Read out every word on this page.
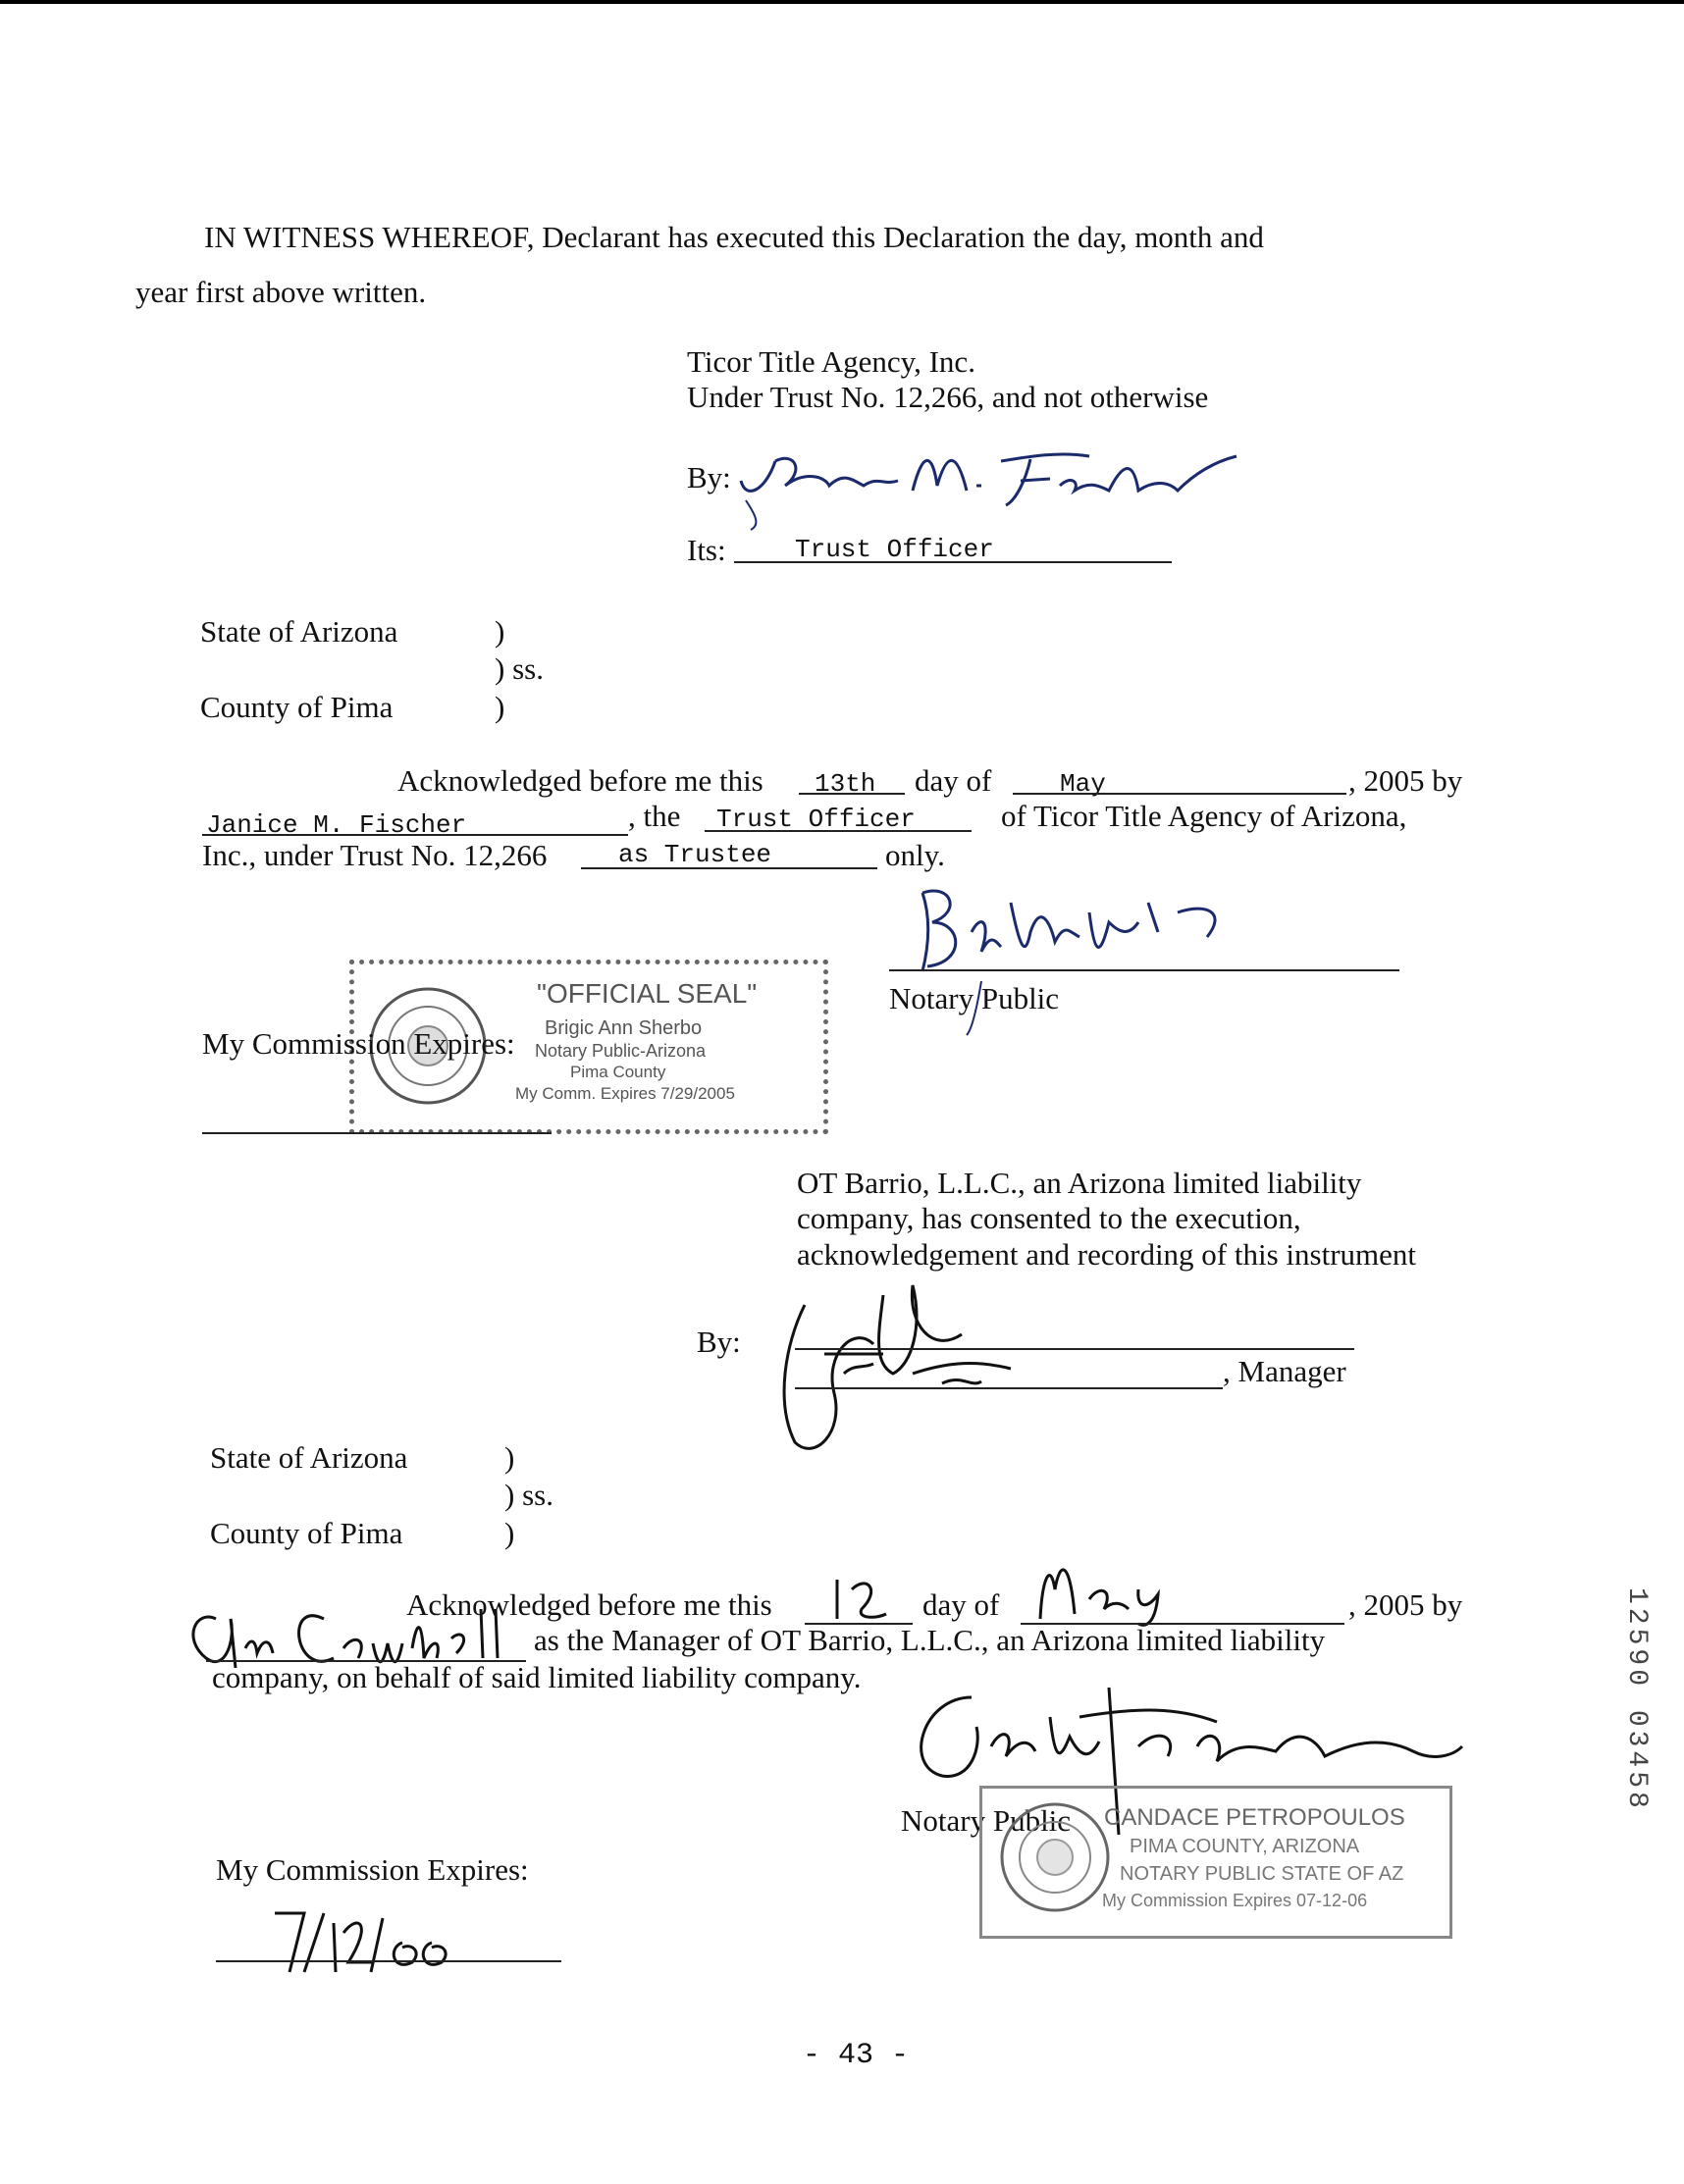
IN WITNESS WHEREOF, Declarant has executed this Declaration the day, month and
year first above written.
Ticor Title Agency, Inc.
Under Trust No. 12,266, and not otherwise
By:
Its:	Trust Officer
State of Arizona	)
) ss.
County of Pima	)
Acknowledged before me this 13th day of	May	, 2005 by
Janice M. Fischer	, the Trust Officer	of Ticor Title Agency of Arizona,
Inc., under Trust No. 12,266	as Trustee	only.
Notary Public
"OFFICIAL SEAL"
Brigic Ann Sherbo
Notary Public-Arizona
Pima County
My Comm. Expires 7/29/2005
My Commission Expires:
OT Barrio, L.L.C., an Arizona limited liability
company, has consented to the execution,
acknowledgement and recording of this instrument
By:
, Manager
State of Arizona	)
) ss.
County of Pima	)
Acknowledged before me this	day of	, 2005 by
as the Manager of OT Barrio, L.L.C., an Arizona limited liability
company, on behalf of said limited liability company.
Notary Public CANDACE PETROPOULOS
PIMA COUNTY, ARIZONA
NOTARY PUBLIC STATE OF AZ
My Commission Expires 07-12-06
My Commission Expires:
12590 03458
- 43 -
